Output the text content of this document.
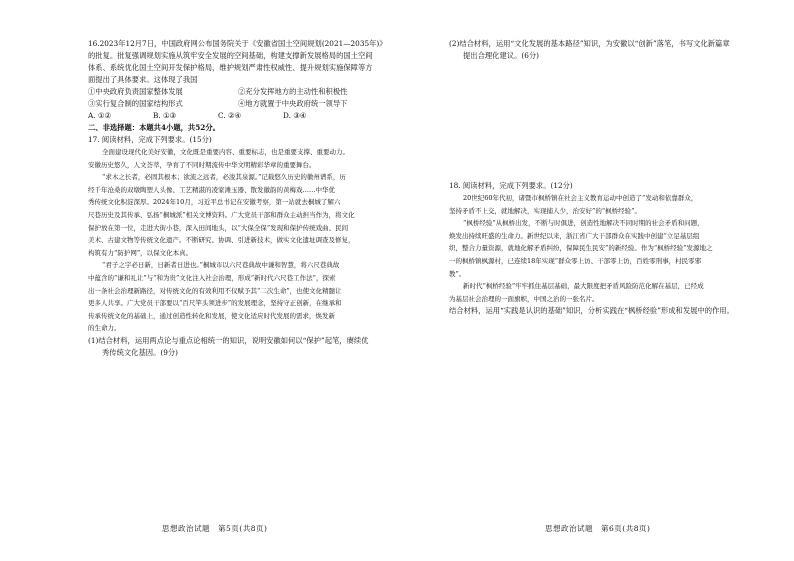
16.2023年12月7日，中国政府网公布国务院关于《安徽省国土空间规划(2021—2035年)》
的批复。批复强调规划实施从筑牢安全发展的空间基础，构建支撑新发展格局的国土空间
体系、系统优化国土空间开发保护格局，维护规划严肃性权威性、提升规划实施保障等方
面提出了具体要求。这体现了我国
①中央政府负责国家整体发展	②充分发挥地方的主动性和积极性
③实行复合制的国家结构形式	④地方就置于中央政府统一领导下
A. ①②	B. ①③	C. ②④	D. ③④
二、非选择题：本题共4小题，共52分。
17. 阅读材料，完成下列要求。(15分)
全面建设现代化美好安徽，文化既是重要内容、重要标志，也是重要支撑、重要动力。
安徽历史悠久，人文荟萃，孕育了不同时期流传中华文明精彩华章的重要舞台。
“求木之长者，必固其根本；欲流之远者，必浚其泉源。”记载悠久历史的徽州谱系，历
经千年沧桑的双墩陶塑人头像、工艺精湛的凌家滩玉器、散发徽韵的黄梅戏……中华优
秀传统文化积淀深厚。2024年10月，习近平总书记在安徽考察，第一站就去桐城了解六
尺巷历史及其传承、弘扬“桐城派”相关文博资料。广大党员干部和群众主动担当作为，将文化
保护放在第一位，走进大街小巷，深入田间地头，以“大保全保”发现和保护传统戏曲、民间
美术、古建文物等传统文化遗产。不断研究、协调、引进新技术，做实文化遗址调查及修复，
构筑有力“防护网”，以保文化本真。
“君子之宇必日新，日新者日进也。”桐城市以六尺巷典故中谦和智慧，将六尺巷典故
中蕴含的“谦和礼让”与“和为贵”文化注入社会治理，形成“新时代六尺巷工作法”，探索
出一条社会治理新路径，对传统文化的有效利用不仅赋予其“二次生命”，也使文化精髓让
更多人共享。广大党员干部要以“百尺竿头须进步”的发展理念，坚持守正创新，在继承和
传承传统文化的基础上，通过创造性转化和发展，使文化适应时代发展的需求，焕发新
的生命力。
(1)结合材料，运用两点论与重点论相统一的知识，说明安徽如何以“保护”起笔，赓续优
秀传统文化基因。(9分)
思想政治试题　第5页(共8页)
(2)结合材料，运用“文化发展的基本路径”知识，为安徽以“创新”落笔，书写文化新篇章
提出合理化建议。(6分)
18. 阅读材料，完成下列要求。(12分)
20世纪60年代初，诸暨市枫桥镇在社会主义教育运动中创造了“发动和依靠群众，
坚持矛盾不上交，就地解决，实现捕人少，治安好”的“枫桥经验”。
“枫桥经验”从枫桥出发，不断与时俱进，创造性地解决不同时期的社会矛盾和问题，
焕发出持续旺盛的生命力。新世纪以来，浙江省广大干部群众在实践中创建“立足基层组
织，整合力量资源，就地化解矛盾纠纷，保障民生民安”的新经验。作为“枫桥经验”发源地之
一的枫桥镇枫源村，已连续18年实现“群众零上访、干部零上访，百姓零刑事，村民零邪
教”。
新时代“枫桥经验”牢牢抓住基层基础，最大限度把矛盾风险防范化解在基层，已经成
为基层社会治理的一面旗帜，中国之治的一张名片。
结合材料，运用“实践是认识的基础”知识，分析实践在“枫桥经验”形成和发展中的作用。
思想政治试题　第6页(共8页)
